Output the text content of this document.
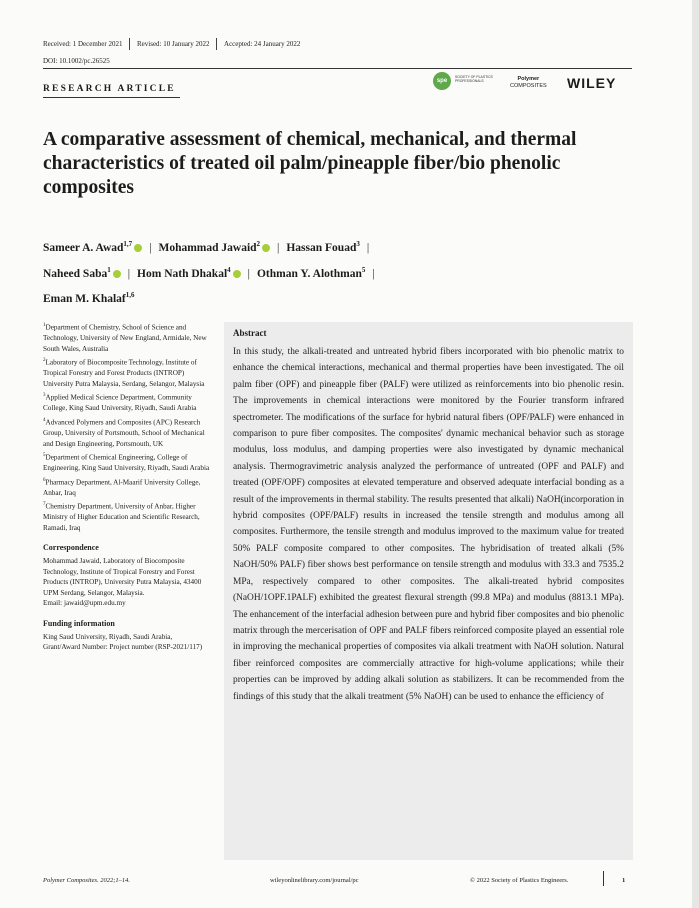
Received: 1 December 2021 Revised: 10 January 2022 Accepted: 24 January 2022
DOI: 10.1002/pc.26525
RESEARCH ARTICLE
spe
SOCIETY OF PLASTICS PROFESSIONALS	Polymer
COMPOSITES WILEY
A comparative assessment of chemical, mechanical, and thermal characteristics of treated oil palm/pineapple fiber/bio phenolic composites
Sameer A. Awad$^{1,7}$ | Mohammad Jawaid$^2$ | Hassan Fouad$^3$ |
Naheed Saba$^1$ | Hom Nath Dhakal$^4$ | Othman Y. Alothman$^5$ |
Eman M. Khalaf$^{1,6}$
$^1$Department of Chemistry, School of Science and Technology, University of New England, Armidale, New South Wales, Australia
$^2$Laboratory of Biocomposite Technology, Institute of Tropical Forestry and Forest Products (INTROP) University Putra Malaysia, Serdang, Selangor, Malaysia
$^3$Applied Medical Science Department, Community College, King Saud University, Riyadh, Saudi Arabia
$^4$Advanced Polymers and Composites (APC) Research Group, University of Portsmouth, School of Mechanical and Design Engineering, Portsmouth, UK
$^5$Department of Chemical Engineering, College of Engineering, King Saud University, Riyadh, Saudi Arabia
$^6$Pharmacy Department, Al-Maarif University College, Anbar, Iraq
$^7$Chemistry Department, University of Anbar, Higher Ministry of Higher Education and Scientific Research, Ramadi, Iraq
Correspondence
Mohammad Jawaid, Laboratory of Biocomposite Technology, Institute of Tropical Forestry and Forest Products (INTROP), University Putra Malaysia, 43400 UPM Serdang, Selangor, Malaysia.
Email: jawaid@upm.edu.my
Funding information
King Saud University, Riyadh, Saudi Arabia, Grant/Award Number: Project number (RSP-2021/117)
Abstract
In this study, the alkali-treated and untreated hybrid fibers incorporated with bio phenolic matrix to enhance the chemical interactions, mechanical and thermal properties have been investigated. The oil palm fiber (OPF) and pineapple fiber (PALF) were utilized as reinforcements into bio phenolic resin. The improvements in chemical interactions were monitored by the Fourier transform infrared spectrometer. The modifications of the surface for hybrid natural fibers (OPF/PALF) were enhanced in comparison to pure fiber composites. The composites' dynamic mechanical behavior such as storage modulus, loss modulus, and damping properties were also investigated by dynamic mechanical analysis. Thermogravimetric analysis analyzed the performance of untreated (OPF and PALF) and treated (OPF/OPF) composites at elevated temperature and observed adequate interfacial bonding as a result of the improvements in thermal stability. The results presented that alkali) NaOH(incorporation in hybrid composites (OPF/PALF) results in increased the tensile strength and modulus among all composites. Furthermore, the tensile strength and modulus improved to the maximum value for treated 50% PALF composite compared to other composites. The hybridisation of treated alkali (5% NaOH/50% PALF) fiber shows best performance on tensile strength and modulus with 33.3 and 7535.2 MPa, respectively compared to other composites. The alkali-treated hybrid composites (NaOH/1OPF.1PALF) exhibited the greatest flexural strength (99.8 MPa) and modulus (8813.1 MPa). The enhancement of the interfacial adhesion between pure and hybrid fiber composites and bio phenolic matrix through the mercerisation of OPF and PALF fibers reinforced composite played an essential role in improving the mechanical properties of composites via alkali treatment with NaOH solution. Natural fiber reinforced composites are commercially attractive for high-volume applications; while their properties can be improved by adding alkali solution as stabilizers. It can be recommended from the findings of this study that the alkali treatment (5% NaOH) can be used to enhance the efficiency of
Polymer Composites. 2022;1–14.	wileyonlinelibrary.com/journal/pc	© 2022 Society of Plastics Engineers.	1
